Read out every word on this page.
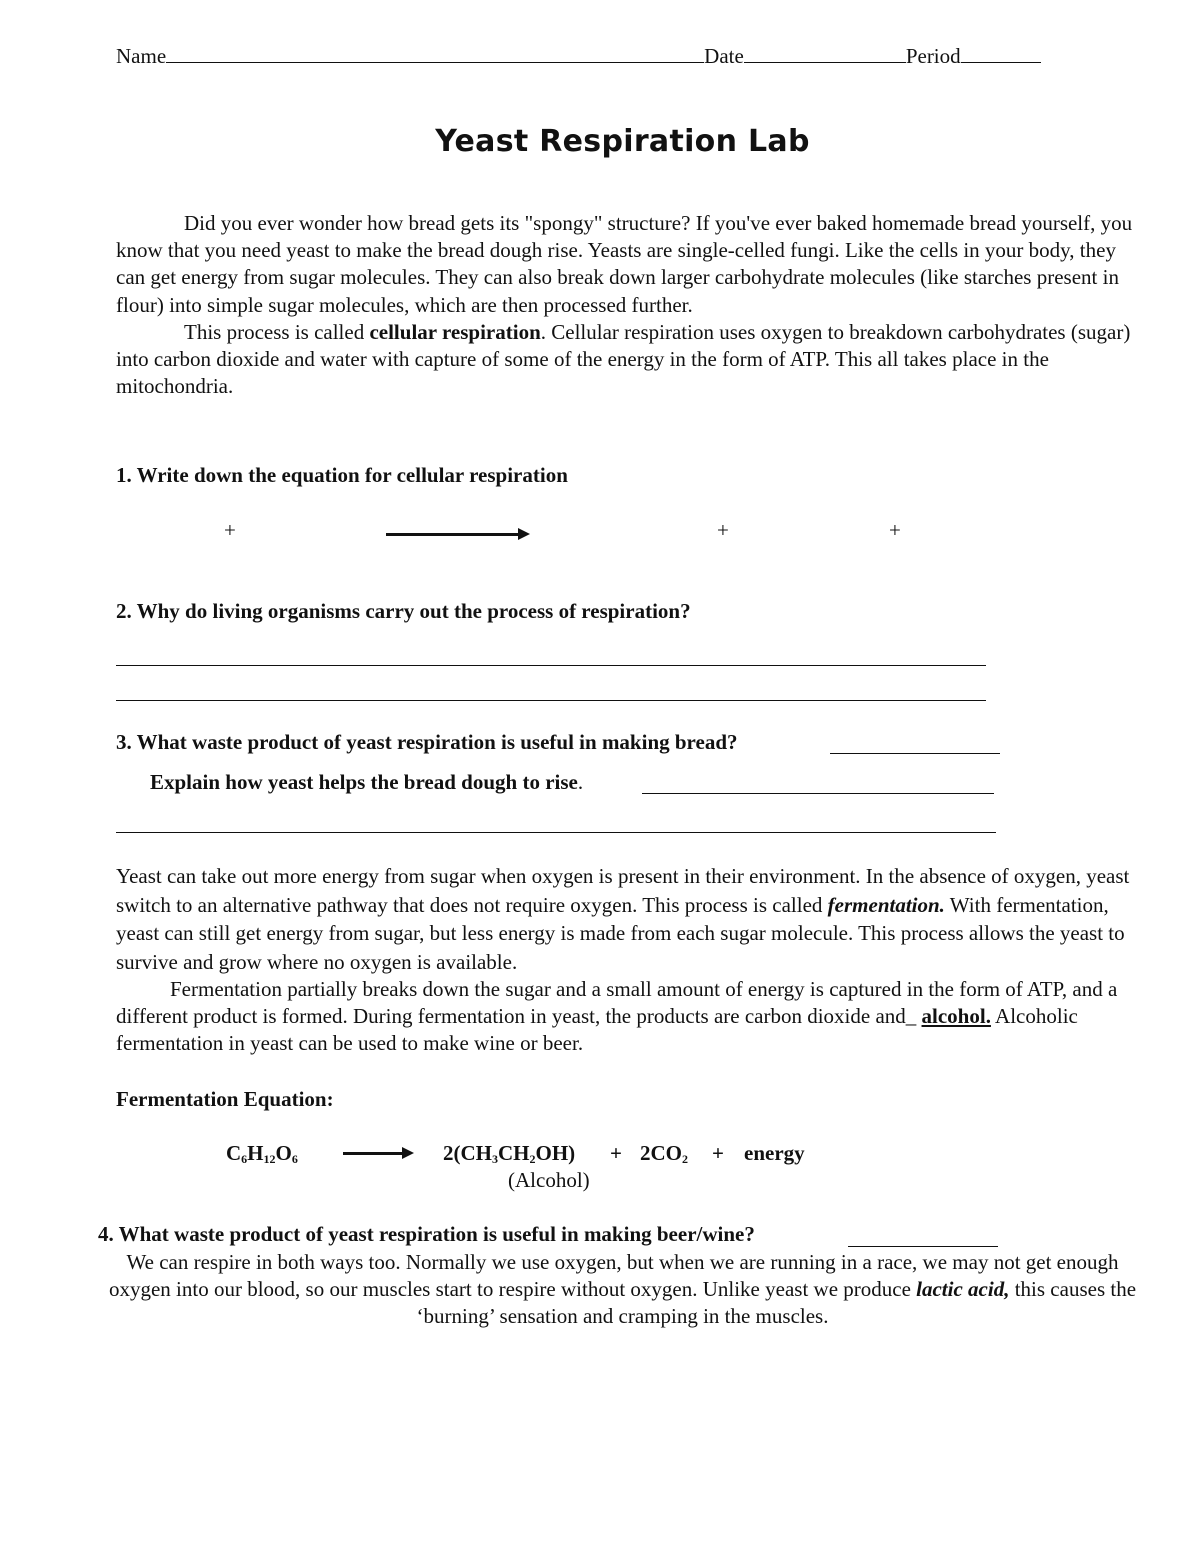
Name	Date	Period
Yeast Respiration Lab

Did you ever wonder how bread gets its "spongy" structure? If you've ever baked homemade bread yourself, you know that you need yeast to make the bread dough rise. Yeasts are single-celled fungi. Like the cells in your body, they can get energy from sugar molecules. They can also break down larger carbohydrate molecules (like starches present in flour) into simple sugar molecules, which are then processed further.

This process is called cellular respiration. Cellular respiration uses oxygen to breakdown carbohydrates (sugar) into carbon dioxide and water with capture of some of the energy in the form of ATP. This all takes place in the mitochondria.

1. Write down the equation for cellular respiration
+	+	+
2. Why do living organisms carry out the process of respiration?
3. What waste product of yeast respiration is useful in making bread?
Explain how yeast helps the bread dough to rise.

Yeast can take out more energy from sugar when oxygen is present in their environment. In the absence of oxygen, yeast switch to an alternative pathway that does not require oxygen. This process is called fermentation. With fermentation, yeast can still get energy from sugar, but less energy is made from each sugar molecule. This process allows the yeast to survive and grow where no oxygen is available.

Fermentation partially breaks down the sugar and a small amount of energy is captured in the form of ATP, and a different product is formed. During fermentation in yeast, the products are carbon dioxide and_ alcohol. Alcoholic fermentation in yeast can be used to make wine or beer.

Fermentation Equation:
$C_6H_{12}O_6$	$2(CH_3CH_2OH) + 2CO_2$ + energy
(Alcohol)
4. What waste product of yeast respiration is useful in making beer/wine?

We can respire in both ways too. Normally we use oxygen, but when we are running in a race, we may not get enough oxygen into our blood, so our muscles start to respire without oxygen. Unlike yeast we produce lactic acid, this causes the ‘burning’ sensation and cramping in the muscles.
